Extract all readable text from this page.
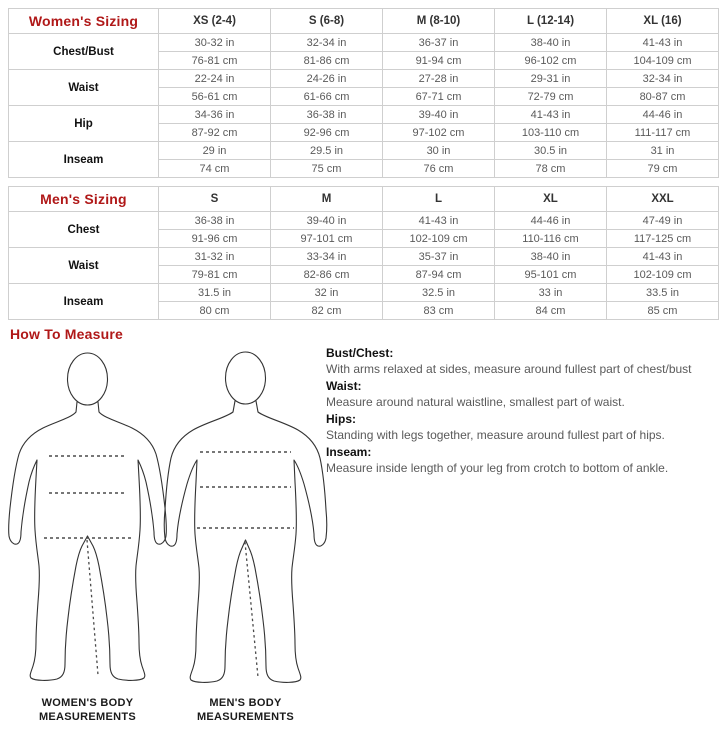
Women's Sizing	XS (2-4)	S (6-8)	M (8-10)	L (12-14)	XL (16)
Chest/Bust	30-32 in	32-34 in	36-37 in	38-40 in	41-43 in
	76-81 cm	81-86 cm	91-94 cm	96-102 cm	104-109 cm
Waist	22-24 in	24-26 in	27-28 in	29-31 in	32-34 in
	56-61 cm	61-66 cm	67-71 cm	72-79 cm	80-87 cm
Hip	34-36 in	36-38 in	39-40 in	41-43 in	44-46 in
	87-92 cm	92-96 cm	97-102 cm	103-110 cm	111-117 cm
Inseam	29 in	29.5 in	30 in	30.5 in	31 in
	74 cm	75 cm	76 cm	78 cm	79 cm
Men's Sizing	S	M	L	XL	XXL
Chest	36-38 in	39-40 in	41-43 in	44-46 in	47-49 in
	91-96 cm	97-101 cm	102-109 cm	110-116 cm	117-125 cm
Waist	31-32 in	33-34 in	35-37 in	38-40 in	41-43 in
	79-81 cm	82-86 cm	87-94 cm	95-101 cm	102-109 cm
Inseam	31.5 in	32 in	32.5 in	33 in	33.5 in
	80 cm	82 cm	83 cm	84 cm	85 cm
How To Measure
WOMEN'S BODY
MEASUREMENTS
MEN'S BODY
MEASUREMENTS
Bust/Chest:
With arms relaxed at sides, measure around fullest part of chest/bust
Waist:
Measure around natural waistline, smallest part of waist.
Hips:
Standing with legs together, measure around fullest part of hips.
Inseam:
Measure inside length of your leg from crotch to bottom of ankle.
